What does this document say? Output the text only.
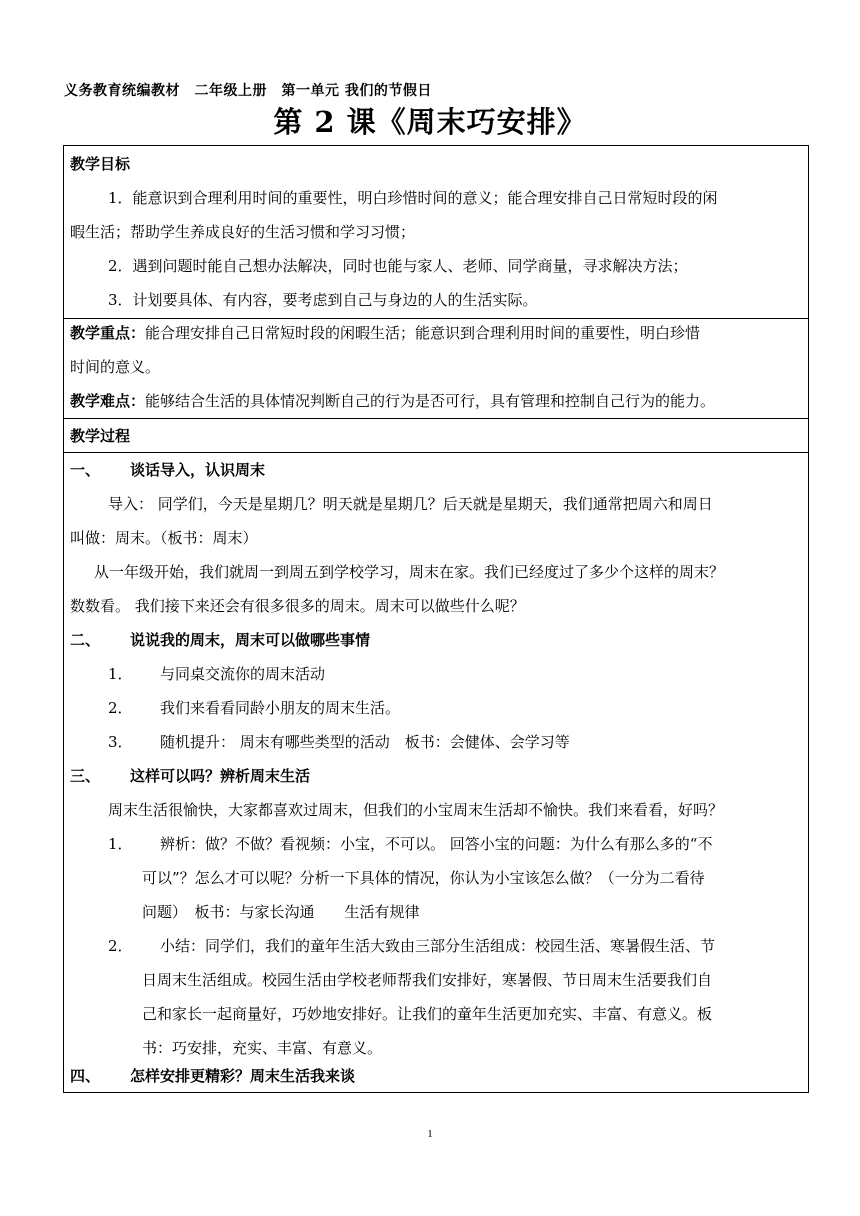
义务教育统编教材　二年级上册　第一单元 我们的节假日
第 2 课《周末巧安排》
教学目标
1．能意识到合理利用时间的重要性，明白珍惜时间的意义；能合理安排自己日常短时段的闲
暇生活；帮助学生养成良好的生活习惯和学习习惯；
2．遇到问题时能自己想办法解决，同时也能与家人、老师、同学商量，寻求解决方法；
3．计划要具体、有内容，要考虑到自己与身边的人的生活实际。
教学重点：能合理安排自己日常短时段的闲暇生活；能意识到合理利用时间的重要性，明白珍惜
时间的意义。
教学难点：能够结合生活的具体情况判断自己的行为是否可行，具有管理和控制自己行为的能力。
教学过程
一、 谈话导入，认识周末
导入： 同学们，今天是星期几？明天就是星期几？后天就是星期天，我们通常把周六和周日
叫做：周末。（板书：周末）
从一年级开始，我们就周一到周五到学校学习，周末在家。我们已经度过了多少个这样的周末？
数数看。 我们接下来还会有很多很多的周末。周末可以做些什么呢？
二、 说说我的周末，周末可以做哪些事情
1． 与同桌交流你的周末活动
2． 我们来看看同龄小朋友的周末生活。
3． 随机提升： 周末有哪些类型的活动　板书：会健体、会学习等
三、 这样可以吗？辨析周末生活
周末生活很愉快，大家都喜欢过周末，但我们的小宝周末生活却不愉快。我们来看看，好吗？
1． 辨析：做？不做？看视频：小宝，不可以。 回答小宝的问题：为什么有那么多的“不
可以”？怎么才可以呢？分析一下具体的情况，你认为小宝该怎么做？（一分为二看待
问题）　板书：与家长沟通　　生活有规律
2． 小结：同学们，我们的童年生活大致由三部分生活组成：校园生活、寒暑假生活、节
日周末生活组成。校园生活由学校老师帮我们安排好，寒暑假、节日周末生活要我们自
己和家长一起商量好，巧妙地安排好。让我们的童年生活更加充实、丰富、有意义。板
书：巧安排，充实、丰富、有意义。
四、 怎样安排更精彩？周末生活我来谈
1
